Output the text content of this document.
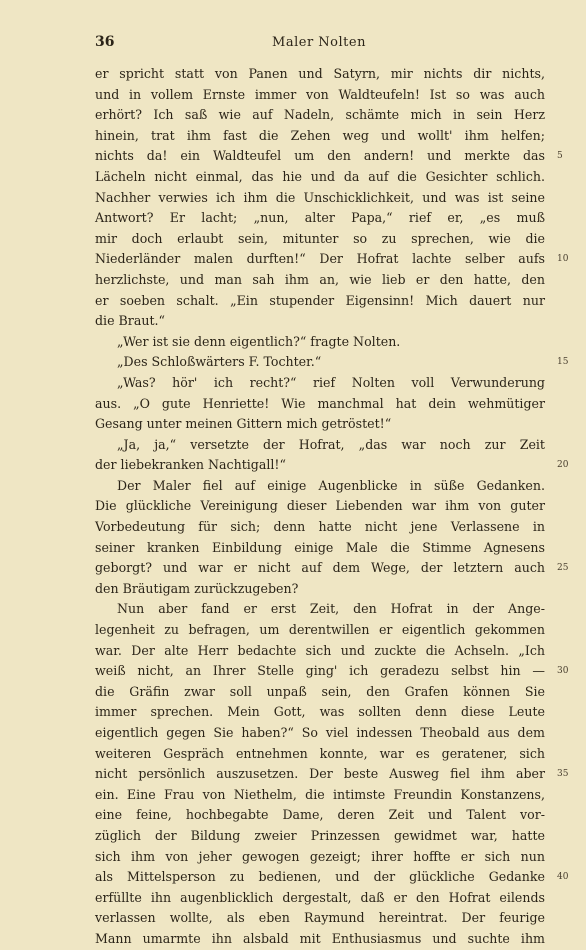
36	Maler Nolten
er spricht statt von Panen und Satyrn, mir nichts dir nichts,
und in vollem Ernste immer von Waldteufeln! Ist so was auch
erhört? Ich saß wie auf Nadeln, schämte mich in sein Herz
hinein, trat ihm fast die Zehen weg und wollt' ihm helfen;
nichts da! ein Waldteufel um den andern! und merkte das 5
Lächeln nicht einmal, das hie und da auf die Gesichter schlich.
Nachher verwies ich ihm die Unschicklichkeit, und was ist seine
Antwort? Er lacht; „nun, alter Papa,“ rief er, „es muß
mir doch erlaubt sein, mitunter so zu sprechen, wie die
Niederländer malen durften!“ Der Hofrat lachte selber aufs 10
herzlichste, und man sah ihm an, wie lieb er den hatte, den
er soeben schalt. „Ein stupender Eigensinn! Mich dauert nur
die Braut.“
„Wer ist sie denn eigentlich?“ fragte Nolten.
„Des Schloßwärters F. Tochter.“	15
„Was? hör' ich recht?“ rief Nolten voll Verwunderung
aus. „O gute Henriette! Wie manchmal hat dein wehmütiger
Gesang unter meinen Gittern mich getröstet!“
„Ja, ja,“ versetzte der Hofrat, „das war noch zur Zeit
der liebekranken Nachtigall!“	20
Der Maler fiel auf einige Augenblicke in süße Gedanken.
Die glückliche Vereinigung dieser Liebenden war ihm von guter
Vorbedeutung für sich; denn hatte nicht jene Verlassene in
seiner kranken Einbildung einige Male die Stimme Agnesens
geborgt? und war er nicht auf dem Wege, der letztern auch 25
den Bräutigam zurückzugeben?
Nun aber fand er erst Zeit, den Hofrat in der Ange-
legenheit zu befragen, um derentwillen er eigentlich gekommen
war. Der alte Herr bedachte sich und zuckte die Achseln. „Ich
weiß nicht, an Ihrer Stelle ging' ich geradezu selbst hin — 30
die Gräfin zwar soll unpaß sein, den Grafen können Sie
immer sprechen. Mein Gott, was sollten denn diese Leute
eigentlich gegen Sie haben?“ So viel indessen Theobald aus dem
weiteren Gespräch entnehmen konnte, war es geratener, sich
nicht persönlich auszusetzen. Der beste Ausweg fiel ihm aber 35
ein. Eine Frau von Niethelm, die intimste Freundin Konstanzens,
eine feine, hochbegabte Dame, deren Zeit und Talent vor-
züglich der Bildung zweier Prinzessen gewidmet war, hatte
sich ihm von jeher gewogen gezeigt; ihrer hoffte er sich nun
als Mittelsperson zu bedienen, und der glückliche Gedanke 40
erfüllte ihn augenblicklich dergestalt, daß er den Hofrat eilends
verlassen wollte, als eben Raymund hereintrat. Der feurige
Mann umarmte ihn alsbald mit Enthusiasmus und suchte ihm
